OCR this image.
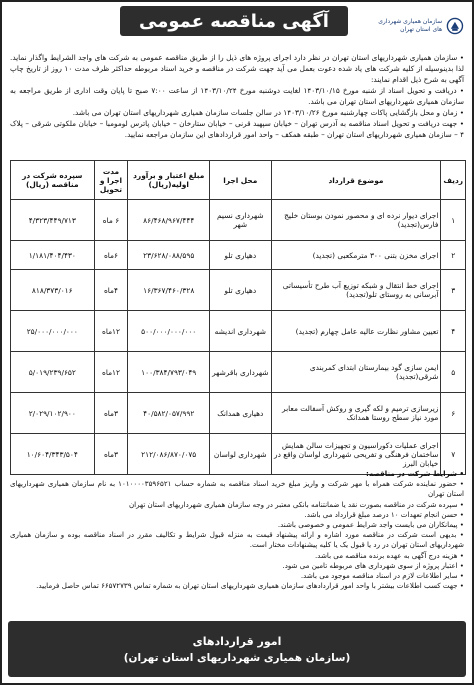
سازمان همیاری شهرداری های استان تهران
آگهی مناقصه عمومی

• سازمان همیاری شهرداریهای استان تهران در نظر دارد اجرای پروژه های ذیل را از طریق مناقصه عمومی به شرکت های واجد الشرایط واگذار نماید. لذا بدینوسیله از کلیه شرکت های یاد شده دعوت بعمل می آید جهت شرکت در مناقصه و خرید اسناد مربوطه حداکثر ظرف مدت ۱۰ روز از تاریخ چاپ آگهی به شرح ذیل اقدام نمایند:

• دریافت و تحویل اسناد از شنبه مورخ ۱۴۰۳/۱۰/۱۵ لغایت دوشنبه مورخ ۱۴۰۳/۱۰/۲۴ از ساعت ۷:۰۰ صبح تا پایان وقت اداری از طریق مراجعه به سازمان همیاری شهرداریهای استان تهران می باشد.

• زمان و محل بازگشایی پاکات چهارشنبه مورخ ۱۴۰۳/۱۰/۲۶ در سالن جلسات سازمان همیاری شهرداریهای استان تهران می باشد.

• جهت دریافت و تحویل اسناد مناقصه به آدرس تهران – خیابان سپهبد قرنی – خیابان ستارخان – خیابان پاترس لومومبا – خیابان ملکوتی شرقی – پلاک ۴ – سازمان همیاری شهرداریهای استان تهران – طبقه همکف – واحد امور قراردادهای این سازمان مراجعه نمایید.

ردیف	موضوع قرارداد	محل اجرا	مبلغ اعتبار و برآورد اولیه(ریال)	مدت اجرا و تحویل	سپرده شرکت در مناقصه (ریال)
۱	اجرای دیوار نرده ای و محصور نمودن بوستان خلیج فارس(تجدید)	شهرداری نسیم شهر	۸۶/۴۶۸/۹۶۷/۴۴۴	۶ ماه	۴/۳۲۳/۴۴۹/۷۱۳
۲	اجرای مخزن بتنی ۳۰۰ مترمکعبی (تجدید)	دهیاری تلو	۲۳/۶۲۸/۰۸۸/۵۹۵	۶ماه	۱/۱۸۱/۴۰۴/۴۳۰
۳	اجرای خط انتقال و شبکه توزیع آب طرح تأسیساتی آبرسانی به روستای تلو(تجدید)	دهیاری تلو	۱۶/۳۶۷/۴۶۰/۳۲۸	۴ماه	۸۱۸/۳۷۳/۰۱۶
۴	تعیین مشاور نظارت عالیه عامل چهارم (تجدید)	شهرداری اندیشه	۵۰۰/۰۰۰/۰۰۰/۰۰۰	۱۲ماه	۲۵/۰۰۰/۰۰۰/۰۰۰
۵	ایمن سازی گود بیمارستان ابتدای کمربندی شرقی(تجدید)	شهرداری باقرشهر	۱۰۰/۳۸۴/۷۹۳/۰۴۹	۱۲ماه	۵/۰۱۹/۲۳۹/۶۵۲
۶	زیرسازی ترمیم و لکه گیری و روکش آسفالت معابر مورد نیاز سطح روستا همدانک	دهیاری همدانک	۴۰/۵۸۲/۰۵۷/۹۹۲	۳ماه	۲/۰۲۹/۱۰۲/۹۰۰
۷	اجرای عملیات دکوراسیون و تجهیزات سالن همایش ساختمان فرهنگی و تفریحی شهرداری لواسان واقع در خیابان البرز	شهرداری لواسان	۲۱۲/۰۸۶/۸۷۰/۰۷۵	۳ماه	۱۰/۶۰۴/۳۴۳/۵۰۴

• شرایط شرکت در مناقصه:

• حضور نماینده شرکت همراه با مهر شرکت و واریز مبلغ خرید اسناد مناقصه به شماره حساب ۱۰۱۰۰۰۰۳۵۹۶۵۲۱ به نام سازمان همیاری شهرداریهای استان تهران

• سپرده شرکت در مناقصه بصورت نقد یا ضمانتنامه بانکی معتبر در وجه سازمان همیاری شهرداریهای استان تهران

• حسن انجام تعهدات ۱۰ درصد مبلغ قرارداد می باشد.

• پیمانکاران می بایست واجد شرایط عمومی و خصوصی باشند.

• بدیهی است شرکت در مناقصه مورد اشاره و ارائه پیشنهاد قیمت به منزله قبول شرایط و تکالیف مقرر در اسناد مناقصه بوده و سازمان همیاری شهرداریهای استان تهران در رد یا قبول یک یا کلیه پیشنهادات مختار است.

• هزینه درج آگهی به عهده برنده مناقصه می باشد.

• اعتبار پروژه از سوی شهرداری های مربوطه تامین می شود.

• سایر اطلاعات لازم در اسناد مناقصه موجود می باشد.

• جهت کسب اطلاعات بیشتر با واحد امور قراردادهای سازمان همیاری شهرداریهای استان تهران به شماره تماس ۶۶۵۷۲۷۳۹ تماس حاصل فرمایید.

امور قراردادهای
(سازمان همیاری شهرداریهای استان تهران)
